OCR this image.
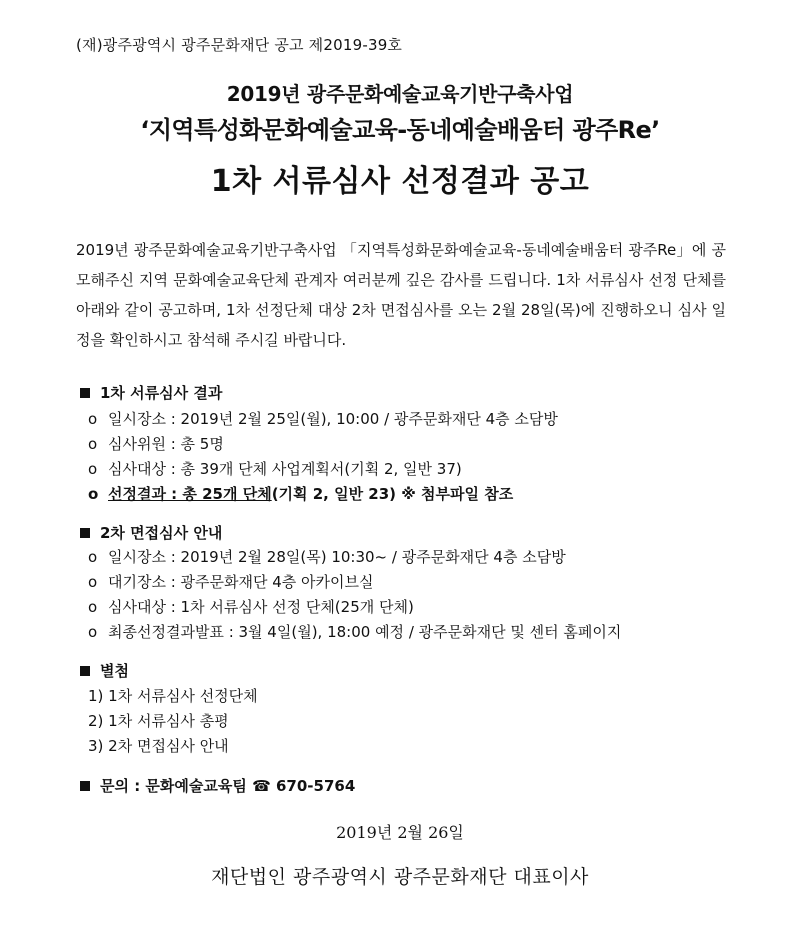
(재)광주광역시 광주문화재단 공고 제2019-39호
2019년 광주문화예술교육기반구축사업
‘지역특성화문화예술교육-동네예술배움터 광주Re’
1차 서류심사 선정결과 공고
2019년 광주문화예술교육기반구축사업 「지역특성화문화예술교육-동네예술배움터 광주Re」에 공모해주신 지역 문화예술교육단체 관계자 여러분께 깊은 감사를 드립니다. 1차 서류심사 선정 단체를 아래와 같이 공고하며, 1차 선정단체 대상 2차 면접심사를 오는 2월 28일(목)에 진행하오니 심사 일정을 확인하시고 참석해 주시길 바랍니다.
1차 서류심사 결과
o 일시장소 : 2019년 2월 25일(월), 10:00 / 광주문화재단 4층 소담방
o 심사위원 : 총 5명
o 심사대상 : 총 39개 단체 사업계획서(기획 2, 일반 37)
o 선정결과 : 총 25개 단체(기획 2, 일반 23) ※ 첨부파일 참조
2차 면접심사 안내
o 일시장소 : 2019년 2월 28일(목) 10:30~ / 광주문화재단 4층 소담방
o 대기장소 : 광주문화재단 4층 아카이브실
o 심사대상 : 1차 서류심사 선정 단체(25개 단체)
o 최종선정결과발표 : 3월 4일(월), 18:00 예정 / 광주문화재단 및 센터 홈페이지
별첨
1) 1차 서류심사 선정단체
2) 1차 서류심사 총평
3) 2차 면접심사 안내
문의 : 문화예술교육팀 ☎ 670-5764
2019년 2월 26일
재단법인 광주광역시 광주문화재단 대표이사
